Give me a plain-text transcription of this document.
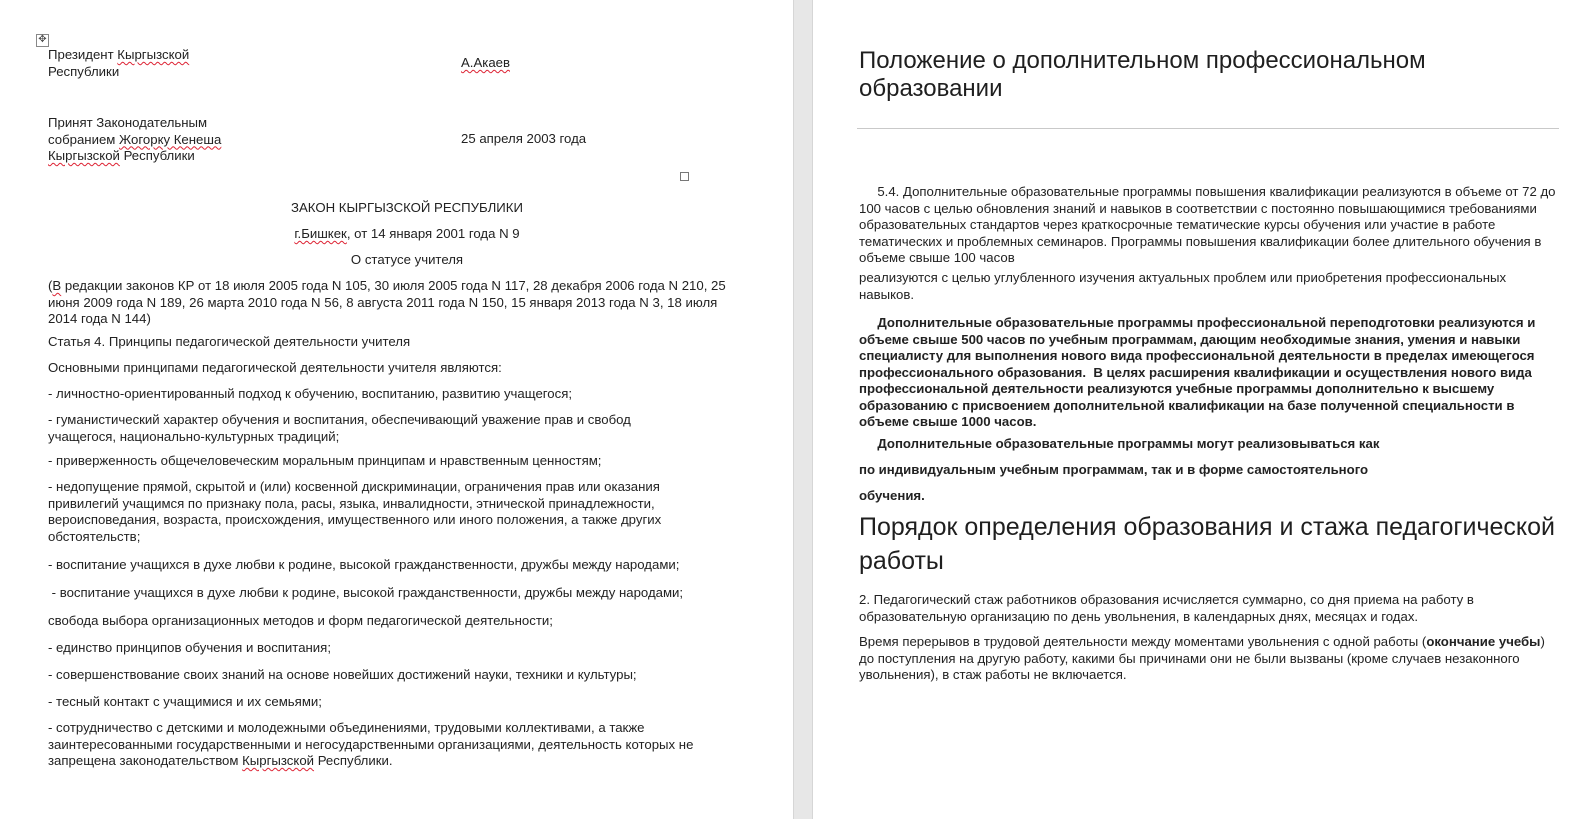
✥
Президент Кыргызской
Республики
А.Акаев
Принят Законодательным
собранием Жогорку Кенеша
Кыргызской Республики
25 апреля 2003 года
ЗАКОН КЫРГЫЗСКОЙ РЕСПУБЛИКИ
г.Бишкек, от 14 января 2001 года N 9
О статусе учителя
(В редакции законов КР от 18 июля 2005 года N 105, 30 июля 2005 года N 117, 28 декабря 2006 года N 210, 25 июня 2009 года N 189, 26 марта 2010 года N 56, 8 августа 2011 года N 150, 15 января 2013 года N 3, 18 июля 2014 года N 144)
Статья 4. Принципы педагогической деятельности учителя
Основными принципами педагогической деятельности учителя являются:
- личностно-ориентированный подход к обучению, воспитанию, развитию учащегося;
- гуманистический характер обучения и воспитания, обеспечивающий уважение прав и свобод учащегося, национально-культурных традиций;
- приверженность общечеловеческим моральным принципам и нравственным ценностям;
- недопущение прямой, скрытой и (или) косвенной дискриминации, ограничения прав или оказания привилегий учащимся по признаку пола, расы, языка, инвалидности, этнической принадлежности, вероисповедания, возраста, происхождения, имущественного или иного положения, а также других обстоятельств;
- воспитание учащихся в духе любви к родине, высокой гражданственности, дружбы между народами;
- воспитание учащихся в духе любви к родине, высокой гражданственности, дружбы между народами;
свобода выбора организационных методов и форм педагогической деятельности;
- единство принципов обучения и воспитания;
- совершенствование своих знаний на основе новейших достижений науки, техники и культуры;
- тесный контакт с учащимися и их семьями;
- сотрудничество с детскими и молодежными объединениями, трудовыми коллективами, а также заинтересованными государственными и негосударственными организациями, деятельность которых не запрещена законодательством Кыргызской Республики.
Положение о дополнительном профессиональном образовании
5.4. Дополнительные образовательные программы повышения квалификации реализуются в объеме от 72 до 100 часов с целью обновления знаний и навыков в соответствии с постоянно повышающимися требованиями образовательных стандартов через краткосрочные тематические курсы обучения или участие в работе тематических и проблемных семинаров. Программы повышения квалификации более длительного обучения в объеме свыше 100 часов
реализуются с целью углубленного изучения актуальных проблем или приобретения профессиональных навыков.
Дополнительные образовательные программы профессиональной переподготовки реализуются и объеме свыше 500 часов по учебным программам, дающим необходимые знания, умения и навыки специалисту для выполнения нового вида профессиональной деятельности в пределах имеющегося профессионального образования.  В целях расширения квалификации и осуществления нового вида профессиональной деятельности реализуются учебные программы дополнительно к высшему образованию с присвоением дополнительной квалификации на базе полученной специальности в объеме свыше 1000 часов.
Дополнительные образовательные программы могут реализовываться как
по индивидуальным учебным программам, так и в форме самостоятельного
обучения.
Порядок определения образования и стажа педагогической работы
2. Педагогический стаж работников образования исчисляется суммарно, со дня приема на работу в образовательную организацию по день увольнения, в календарных днях, месяцах и годах.
Время перерывов в трудовой деятельности между моментами увольнения с одной работы (окончание учебы) до поступления на другую работу, какими бы причинами они не были вызваны (кроме случаев незаконного увольнения), в стаж работы не включается.
